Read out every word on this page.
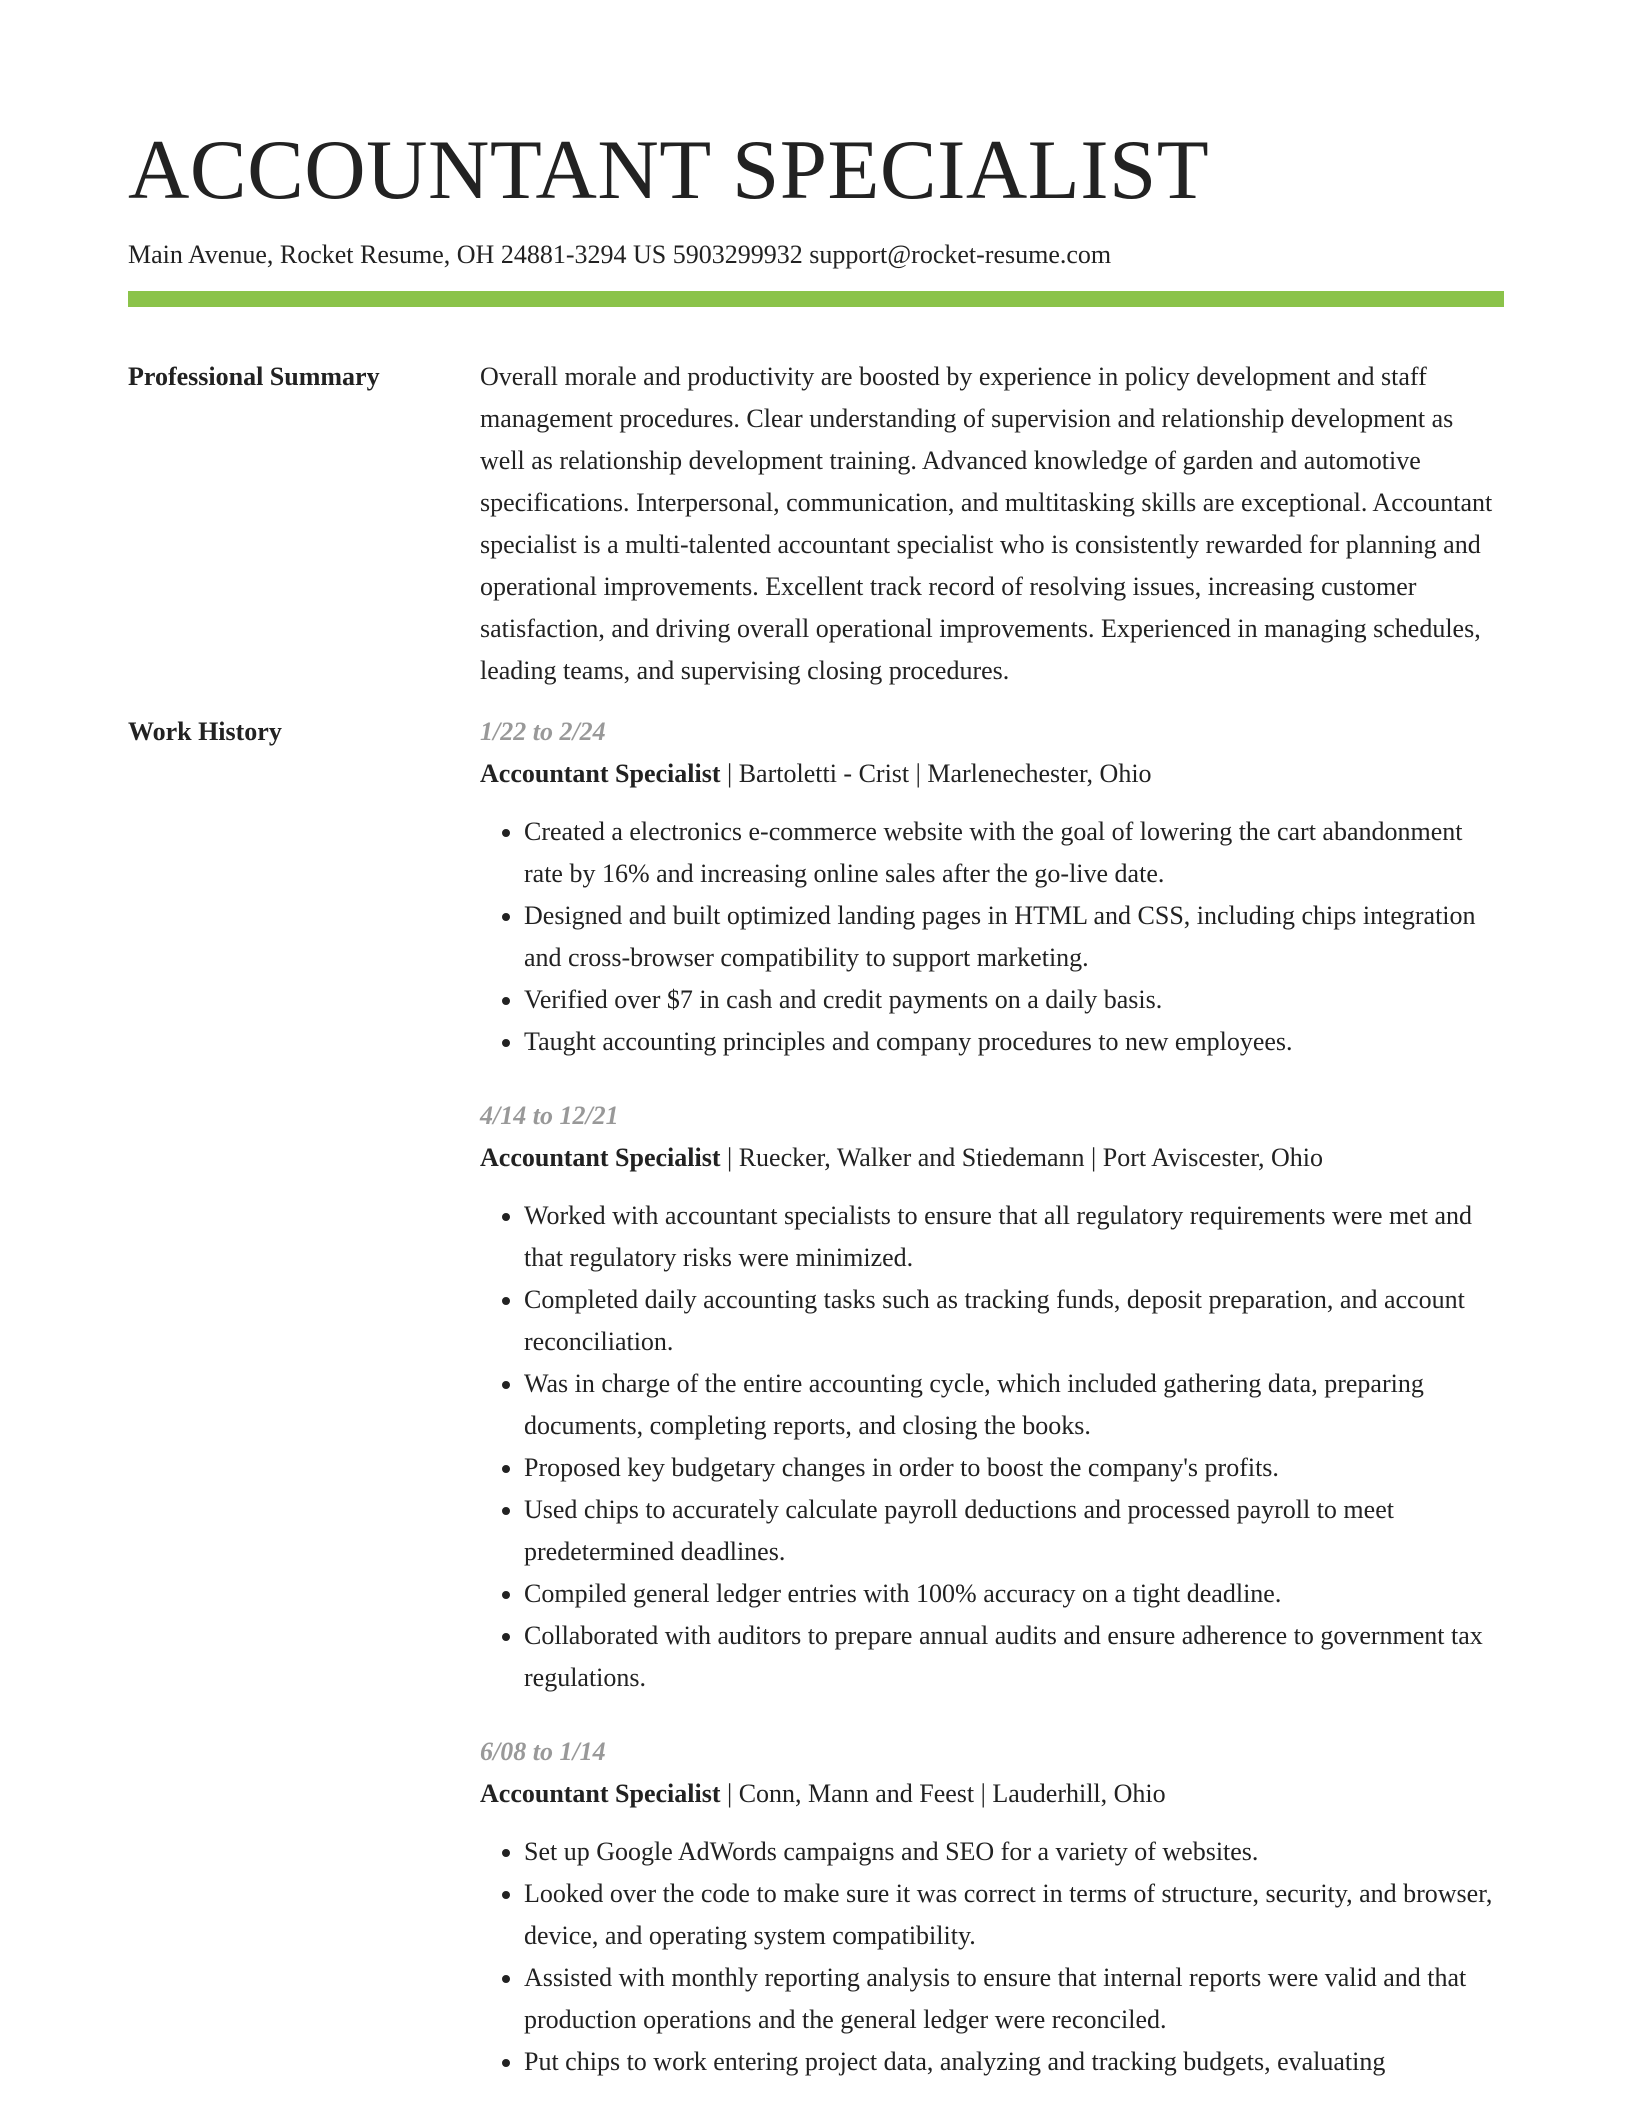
ACCOUNTANT SPECIALIST
Main Avenue, Rocket Resume, OH 24881-3294 US 5903299932 support@rocket-resume.com
Professional Summary	Overall morale and productivity are boosted by experience in policy development and staff management procedures. Clear understanding of supervision and relationship development as well as relationship development training. Advanced knowledge of garden and automotive specifications. Interpersonal, communication, and multitasking skills are exceptional. Accountant specialist is a multi-talented accountant specialist who is consistently rewarded for planning and operational improvements. Excellent track record of resolving issues, increasing customer satisfaction, and driving overall operational improvements. Experienced in managing schedules, leading teams, and supervising closing procedures.

Work History	1/22 to 2/24
Accountant Specialist | Bartoletti - Crist | Marlenechester, Ohio
• Created a electronics e-commerce website with the goal of lowering the cart abandonment rate by 16% and increasing online sales after the go-live date.
• Designed and built optimized landing pages in HTML and CSS, including chips integration and cross-browser compatibility to support marketing.
• Verified over $7 in cash and credit payments on a daily basis.
• Taught accounting principles and company procedures to new employees.
4/14 to 12/21
Accountant Specialist | Ruecker, Walker and Stiedemann | Port Aviscester, Ohio
• Worked with accountant specialists to ensure that all regulatory requirements were met and that regulatory risks were minimized.
• Completed daily accounting tasks such as tracking funds, deposit preparation, and account reconciliation.
• Was in charge of the entire accounting cycle, which included gathering data, preparing documents, completing reports, and closing the books.
• Proposed key budgetary changes in order to boost the company's profits.
• Used chips to accurately calculate payroll deductions and processed payroll to meet predetermined deadlines.
• Compiled general ledger entries with 100% accuracy on a tight deadline.
• Collaborated with auditors to prepare annual audits and ensure adherence to government tax regulations.
6/08 to 1/14
Accountant Specialist | Conn, Mann and Feest | Lauderhill, Ohio
• Set up Google AdWords campaigns and SEO for a variety of websites.
• Looked over the code to make sure it was correct in terms of structure, security, and browser, device, and operating system compatibility.
• Assisted with monthly reporting analysis to ensure that internal reports were valid and that production operations and the general ledger were reconciled.
• Put chips to work entering project data, analyzing and tracking budgets, evaluating
